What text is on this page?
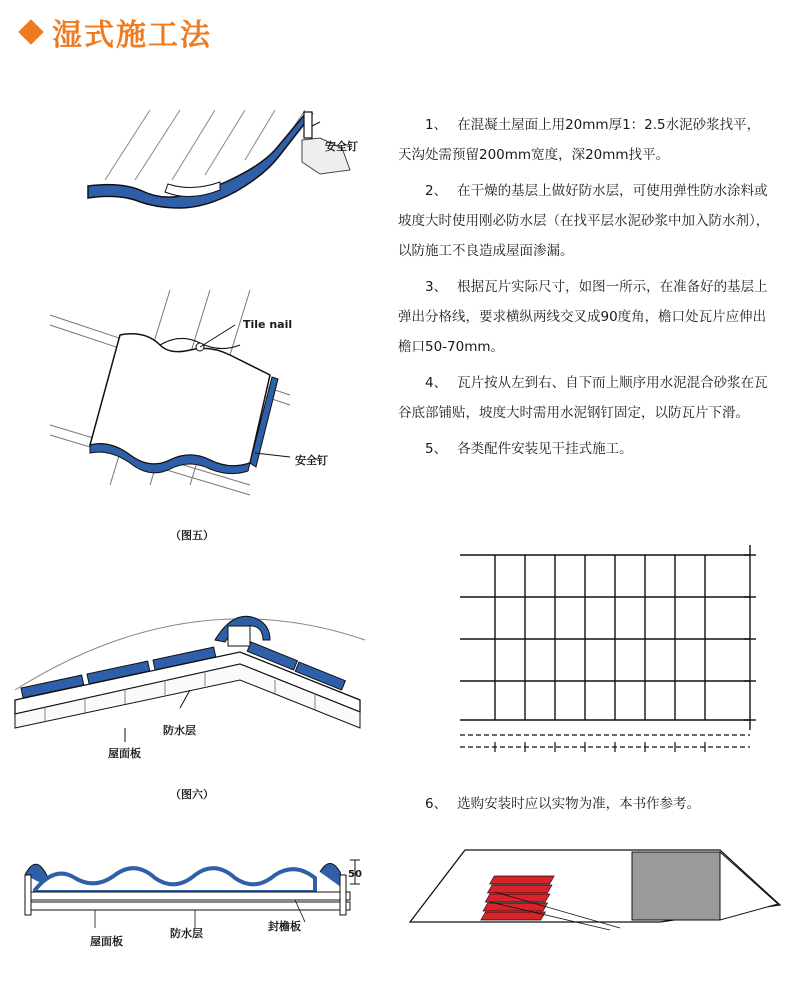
湿式施工法
安全钉
Tile nail
安全钉
（图五）
防水层
屋面板
（图六）
50
屋面板
防水层
封檐板

1、 在混凝土屋面上用20mm厚1：2.5水泥砂浆找平，天沟处需预留200mm宽度，深20mm找平。

2、 在干燥的基层上做好防水层，可使用弹性防水涂料或坡度大时使用刚必防水层（在找平层水泥砂浆中加入防水剂），以防施工不良造成屋面渗漏。

3、 根据瓦片实际尺寸，如图一所示，在准备好的基层上弹出分格线，要求横纵两线交叉成90度角，檐口处瓦片应伸出檐口50-70mm。

4、 瓦片按从左到右、自下而上顺序用水泥混合砂浆在瓦谷底部铺贴，坡度大时需用水泥钢钉固定，以防瓦片下滑。

5、 各类配件安装见干挂式施工。

6、 选购安装时应以实物为准，本书作参考。
